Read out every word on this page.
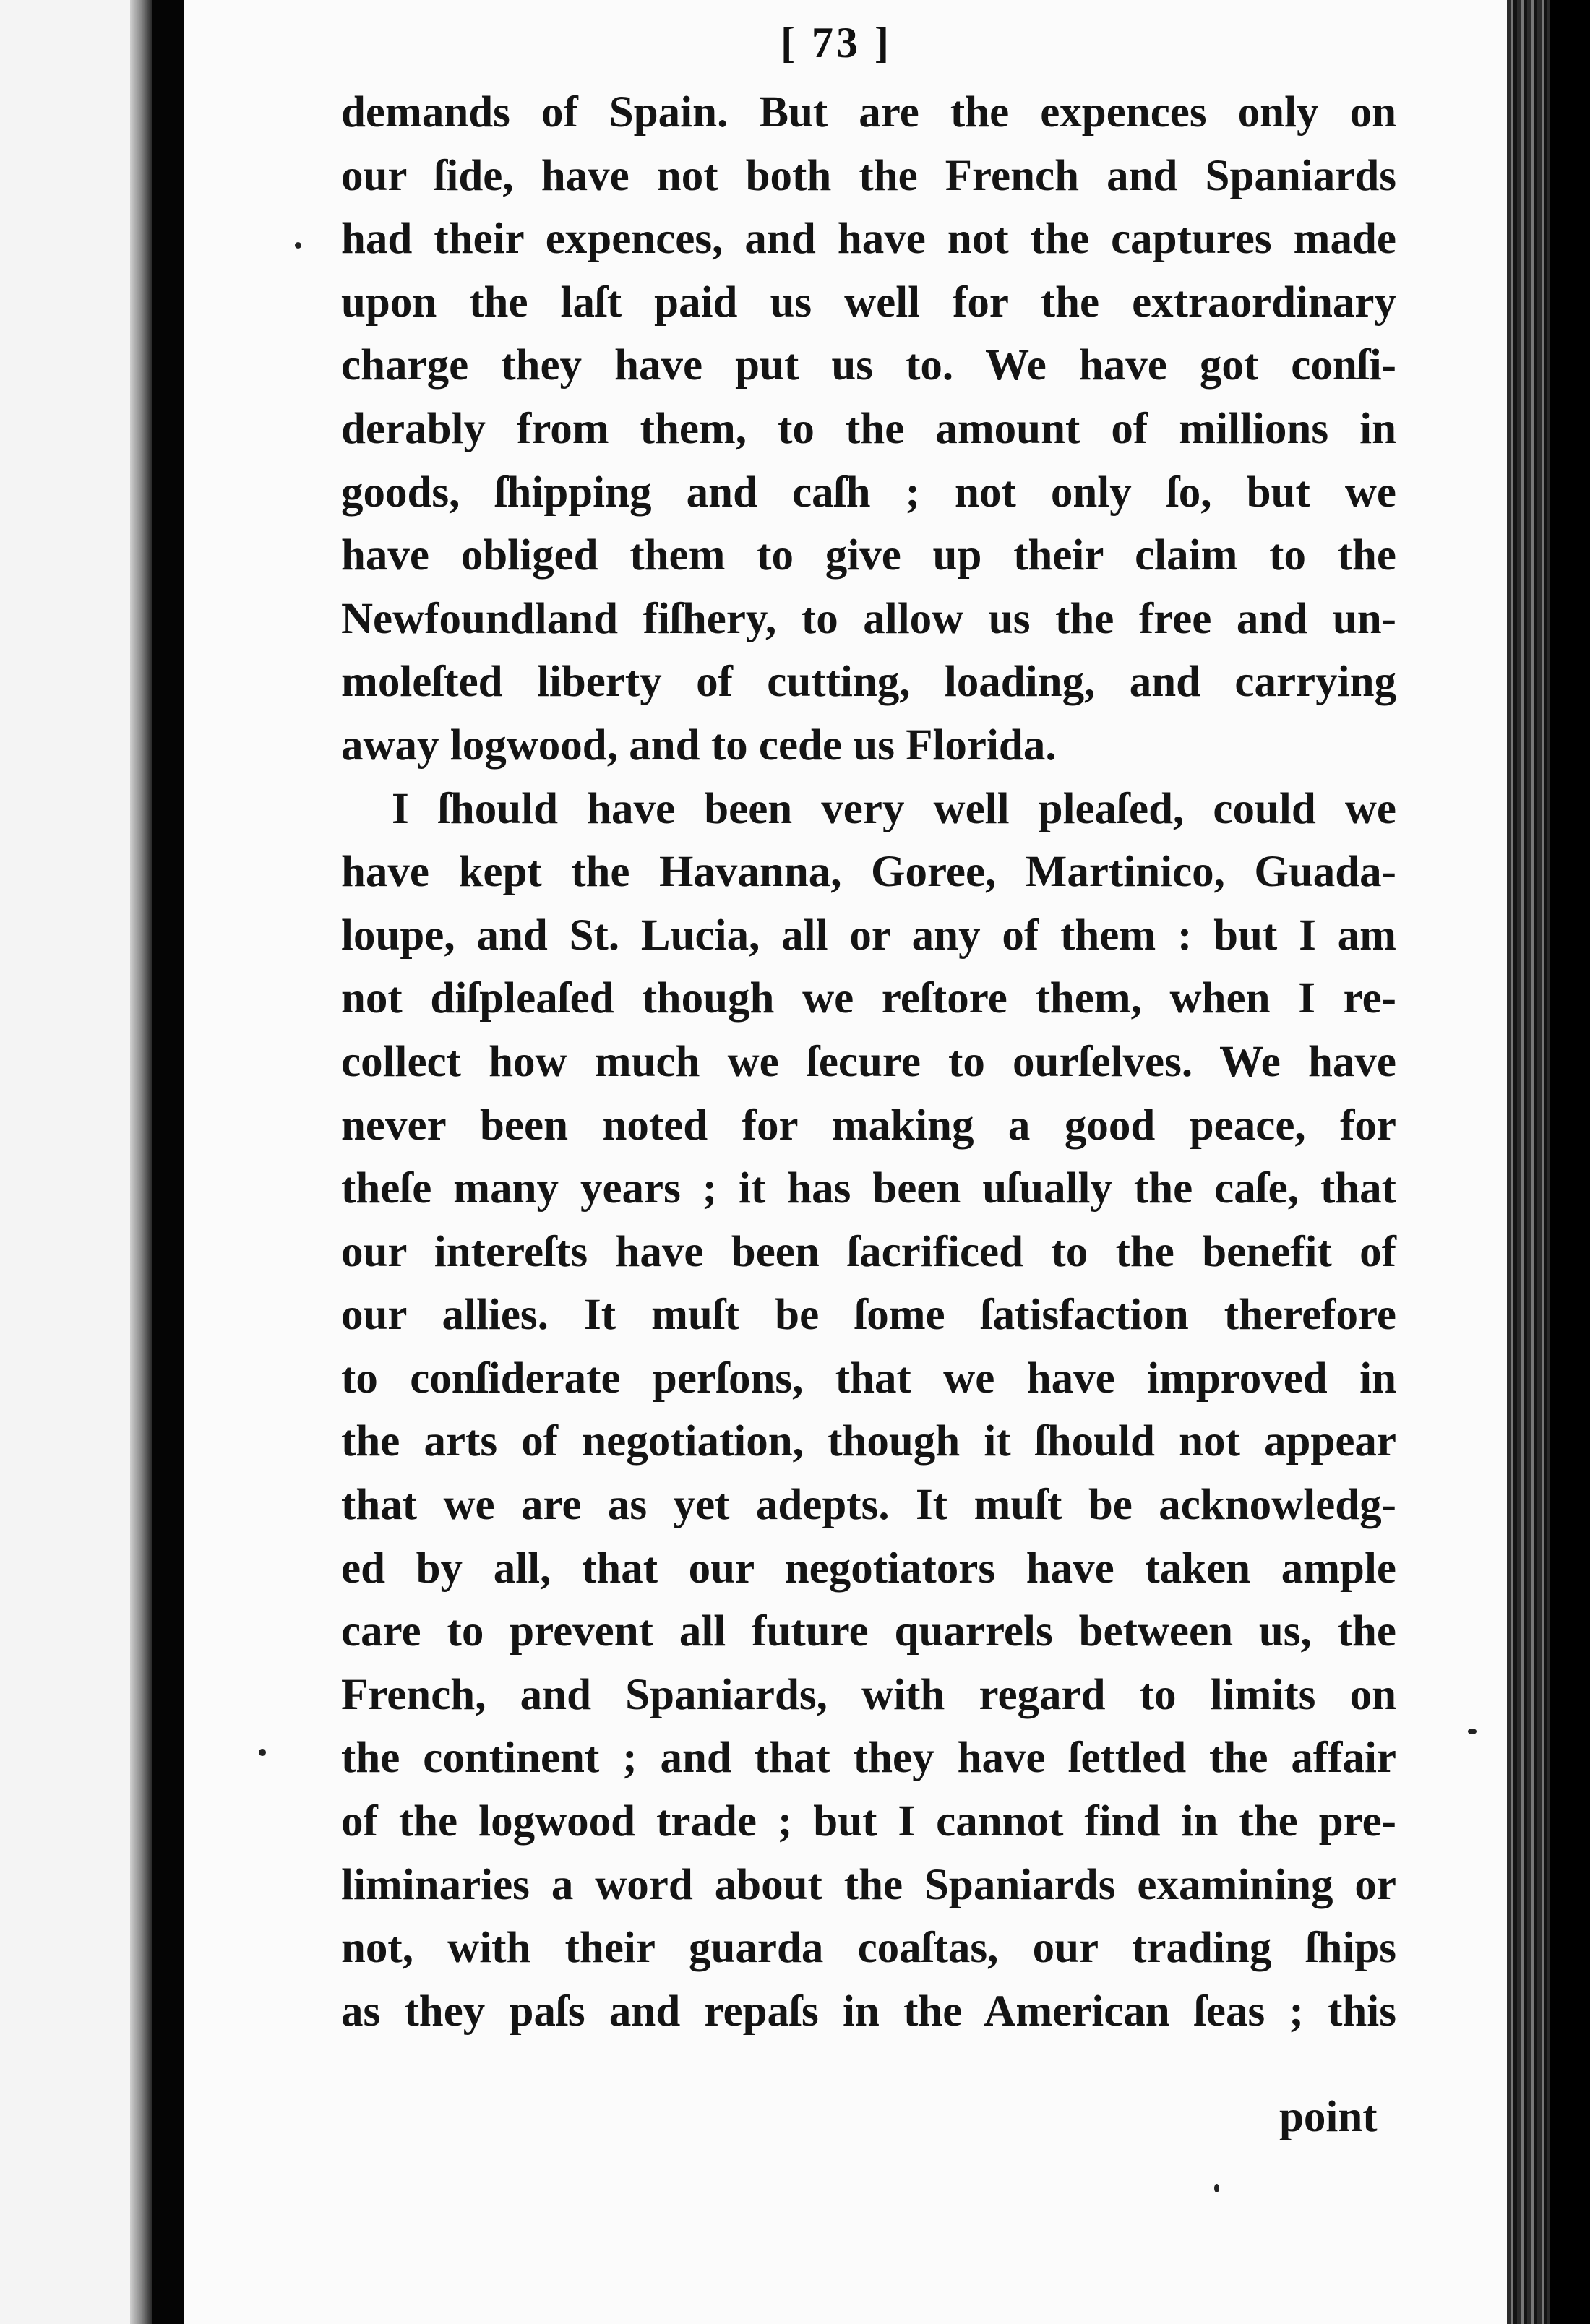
[ 73 ]
demands of Spain. But are the expences only on
our ſide, have not both the French and Spaniards
had their expences, and have not the captures made
upon the laſt paid us well for the extraordinary
charge they have put us to. We have got conſi-
derably from them, to the amount of millions in
goods, ſhipping and caſh ; not only ſo, but we
have obliged them to give up their claim to the
Newfoundland fiſhery, to allow us the free and un-
moleſted liberty of cutting, loading, and carrying
away logwood, and to cede us Florida.
I ſhould have been very well pleaſed, could we
have kept the Havanna, Goree, Martinico, Guada-
loupe, and St. Lucia, all or any of them : but I am
not diſpleaſed though we reſtore them, when I re-
collect how much we ſecure to ourſelves. We have
never been noted for making a good peace, for
theſe many years ; it has been uſually the caſe, that
our intereſts have been ſacrificed to the benefit of
our allies. It muſt be ſome ſatisfaction therefore
to conſiderate perſons, that we have improved in
the arts of negotiation, though it ſhould not appear
that we are as yet adepts. It muſt be acknowledg-
ed by all, that our negotiators have taken ample
care to prevent all future quarrels between us, the
French, and Spaniards, with regard to limits on
the continent ; and that they have ſettled the affair
of the logwood trade ; but I cannot find in the pre-
liminaries a word about the Spaniards examining or
not, with their guarda coaſtas, our trading ſhips
as they paſs and repaſs in the American ſeas ; this
point
